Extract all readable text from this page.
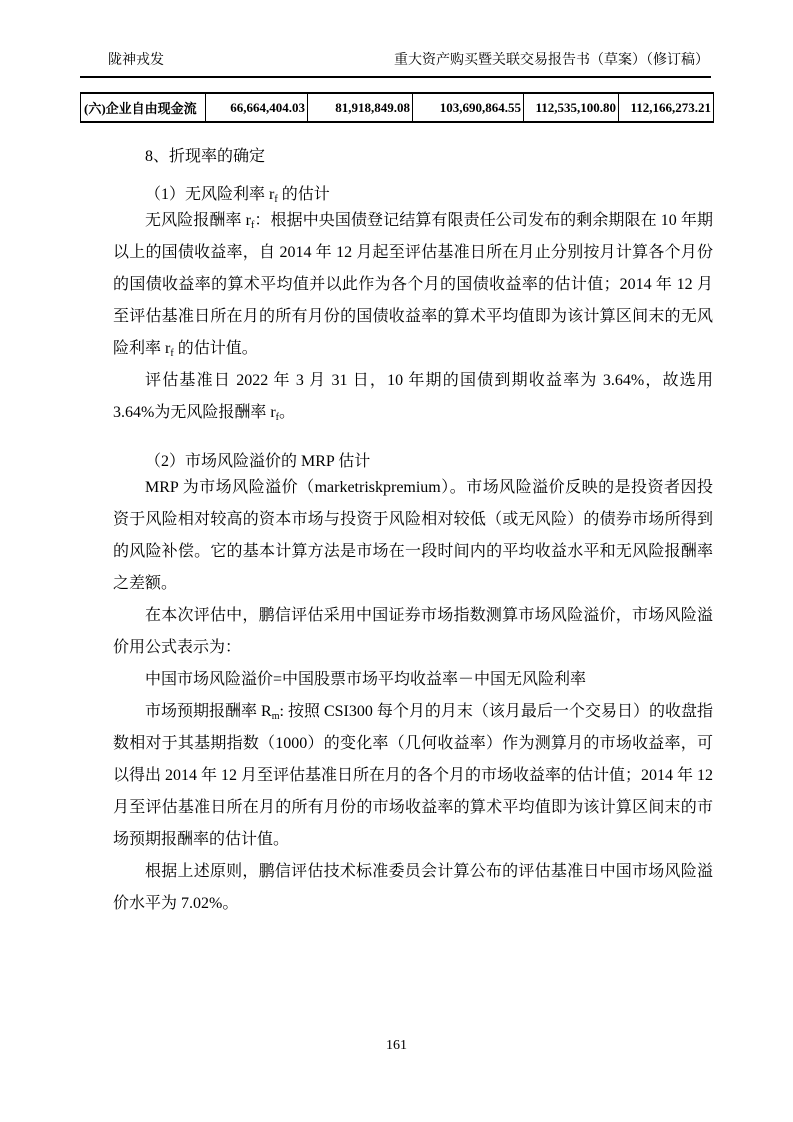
陇神戎发	重大资产购买暨关联交易报告书（草案）（修订稿）
(六)企业自由现金流	66,664,404.03	81,918,849.08	103,690,864.55	112,535,100.80	112,166,273.21
8、折现率的确定
（1）无风险利率 $r_f$ 的估计

无风险报酬率 $r_f$：根据中央国债登记结算有限责任公司发布的剩余期限在 10 年期以上的国债收益率，自 2014 年 12 月起至评估基准日所在月止分别按月计算各个月份的国债收益率的算术平均值并以此作为各个月的国债收益率的估计值；2014 年 12 月至评估基准日所在月的所有月份的国债收益率的算术平均值即为该计算区间末的无风险利率 $r_f$ 的估计值。

评估基准日 2022 年 3 月 31 日，10 年期的国债到期收益率为 3.64%，故选用 3.64%为无风险报酬率 $r_f$。

（2）市场风险溢价的 MRP 估计

MRP 为市场风险溢价（marketriskpremium）。市场风险溢价反映的是投资者因投资于风险相对较高的资本市场与投资于风险相对较低（或无风险）的债券市场所得到的风险补偿。它的基本计算方法是市场在一段时间内的平均收益水平和无风险报酬率之差额。

在本次评估中，鹏信评估采用中国证券市场指数测算市场风险溢价，市场风险溢价用公式表示为：

中国市场风险溢价=中国股票市场平均收益率－中国无风险利率

市场预期报酬率 $R_m$: 按照 CSI300 每个月的月末（该月最后一个交易日）的收盘指数相对于其基期指数（1000）的变化率（几何收益率）作为测算月的市场收益率，可以得出 2014 年 12 月至评估基准日所在月的各个月的市场收益率的估计值；2014 年 12 月至评估基准日所在月的所有月份的市场收益率的算术平均值即为该计算区间末的市场预期报酬率的估计值。

根据上述原则，鹏信评估技术标准委员会计算公布的评估基准日中国市场风险溢价水平为 7.02%。

161
